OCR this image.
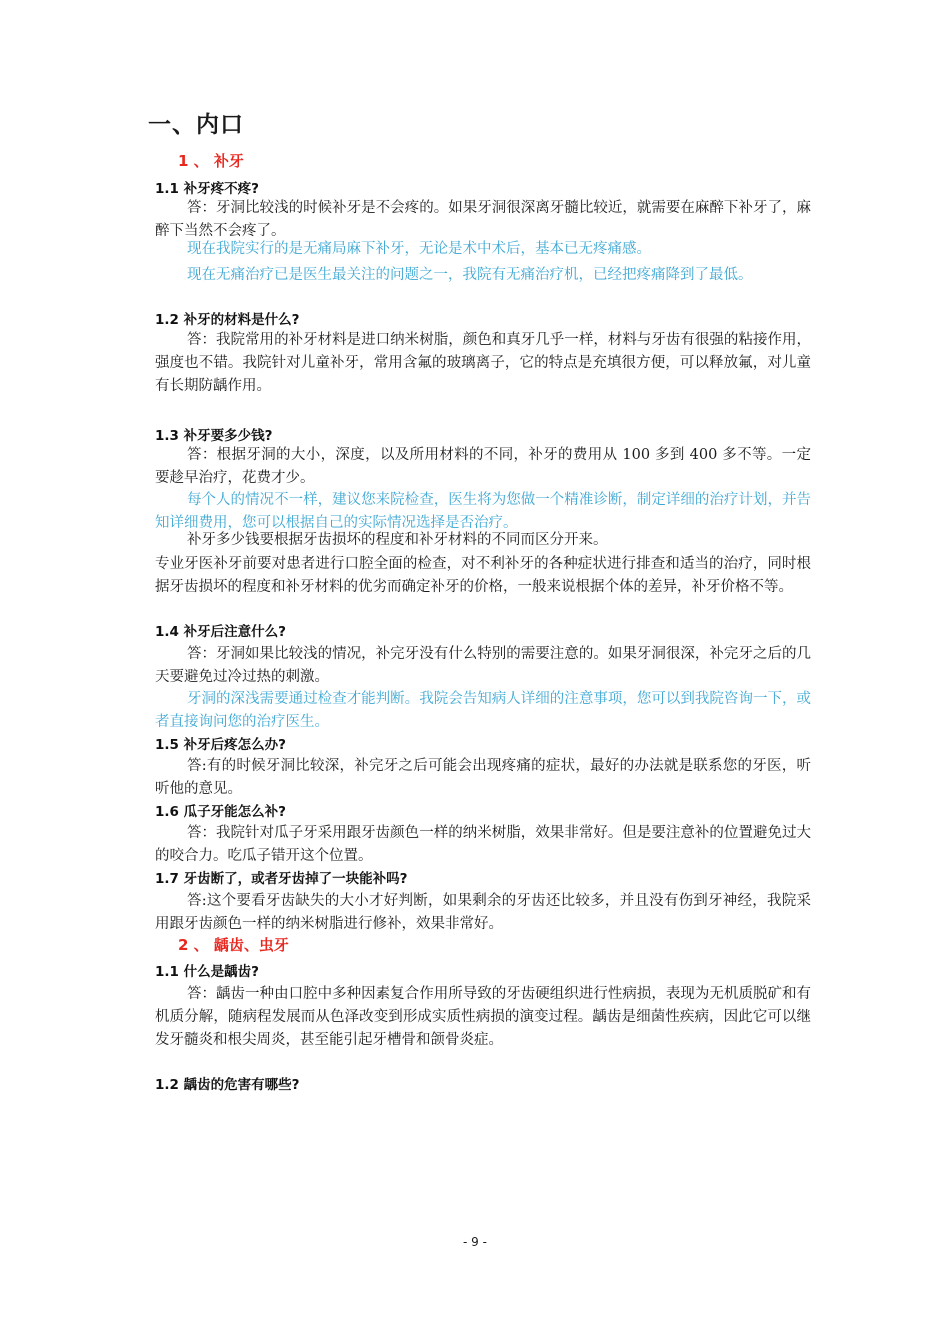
一、内口
1 、 补牙
1.1 补牙疼不疼?
答：牙洞比较浅的时候补牙是不会疼的。如果牙洞很深离牙髓比较近，就需要在麻醉下补牙了，麻醉下当然不会疼了。
现在我院实行的是无痛局麻下补牙，无论是术中术后，基本已无疼痛感。
现在无痛治疗已是医生最关注的问题之一，我院有无痛治疗机，已经把疼痛降到了最低。
1.2 补牙的材料是什么?
答：我院常用的补牙材料是进口纳米树脂，颜色和真牙几乎一样，材料与牙齿有很强的粘接作用，强度也不错。我院针对儿童补牙，常用含氟的玻璃离子，它的特点是充填很方便，可以释放氟，对儿童有长期防龋作用。
1.3 补牙要多少钱?
答：根据牙洞的大小，深度，以及所用材料的不同，补牙的费用从 100 多到 400 多不等。一定要趁早治疗，花费才少。
每个人的情况不一样，建议您来院检查，医生将为您做一个精准诊断，制定详细的治疗计划，并告知详细费用，您可以根据自己的实际情况选择是否治疗。
补牙多少钱要根据牙齿损坏的程度和补牙材料的不同而区分开来。
专业牙医补牙前要对患者进行口腔全面的检查，对不利补牙的各种症状进行排查和适当的治疗，同时根据牙齿损坏的程度和补牙材料的优劣而确定补牙的价格，一般来说根据个体的差异，补牙价格不等。
1.4 补牙后注意什么?
答：牙洞如果比较浅的情况，补完牙没有什么特别的需要注意的。如果牙洞很深，补完牙之后的几天要避免过冷过热的刺激。
牙洞的深浅需要通过检查才能判断。我院会告知病人详细的注意事项，您可以到我院咨询一下，或者直接询问您的治疗医生。
1.5 补牙后疼怎么办?
答:有的时候牙洞比较深，补完牙之后可能会出现疼痛的症状，最好的办法就是联系您的牙医，听听他的意见。
1.6 瓜子牙能怎么补?
答：我院针对瓜子牙采用跟牙齿颜色一样的纳米树脂，效果非常好。但是要注意补的位置避免过大的咬合力。吃瓜子错开这个位置。
1.7 牙齿断了，或者牙齿掉了一块能补吗?
答:这个要看牙齿缺失的大小才好判断，如果剩余的牙齿还比较多，并且没有伤到牙神经，我院采用跟牙齿颜色一样的纳米树脂进行修补，效果非常好。
2 、 龋齿、虫牙
1.1 什么是龋齿?
答：龋齿一种由口腔中多种因素复合作用所导致的牙齿硬组织进行性病损，表现为无机质脱矿和有机质分解，随病程发展而从色泽改变到形成实质性病损的演变过程。龋齿是细菌性疾病，因此它可以继发牙髓炎和根尖周炎，甚至能引起牙槽骨和颌骨炎症。
1.2 龋齿的危害有哪些?
- 9 -
